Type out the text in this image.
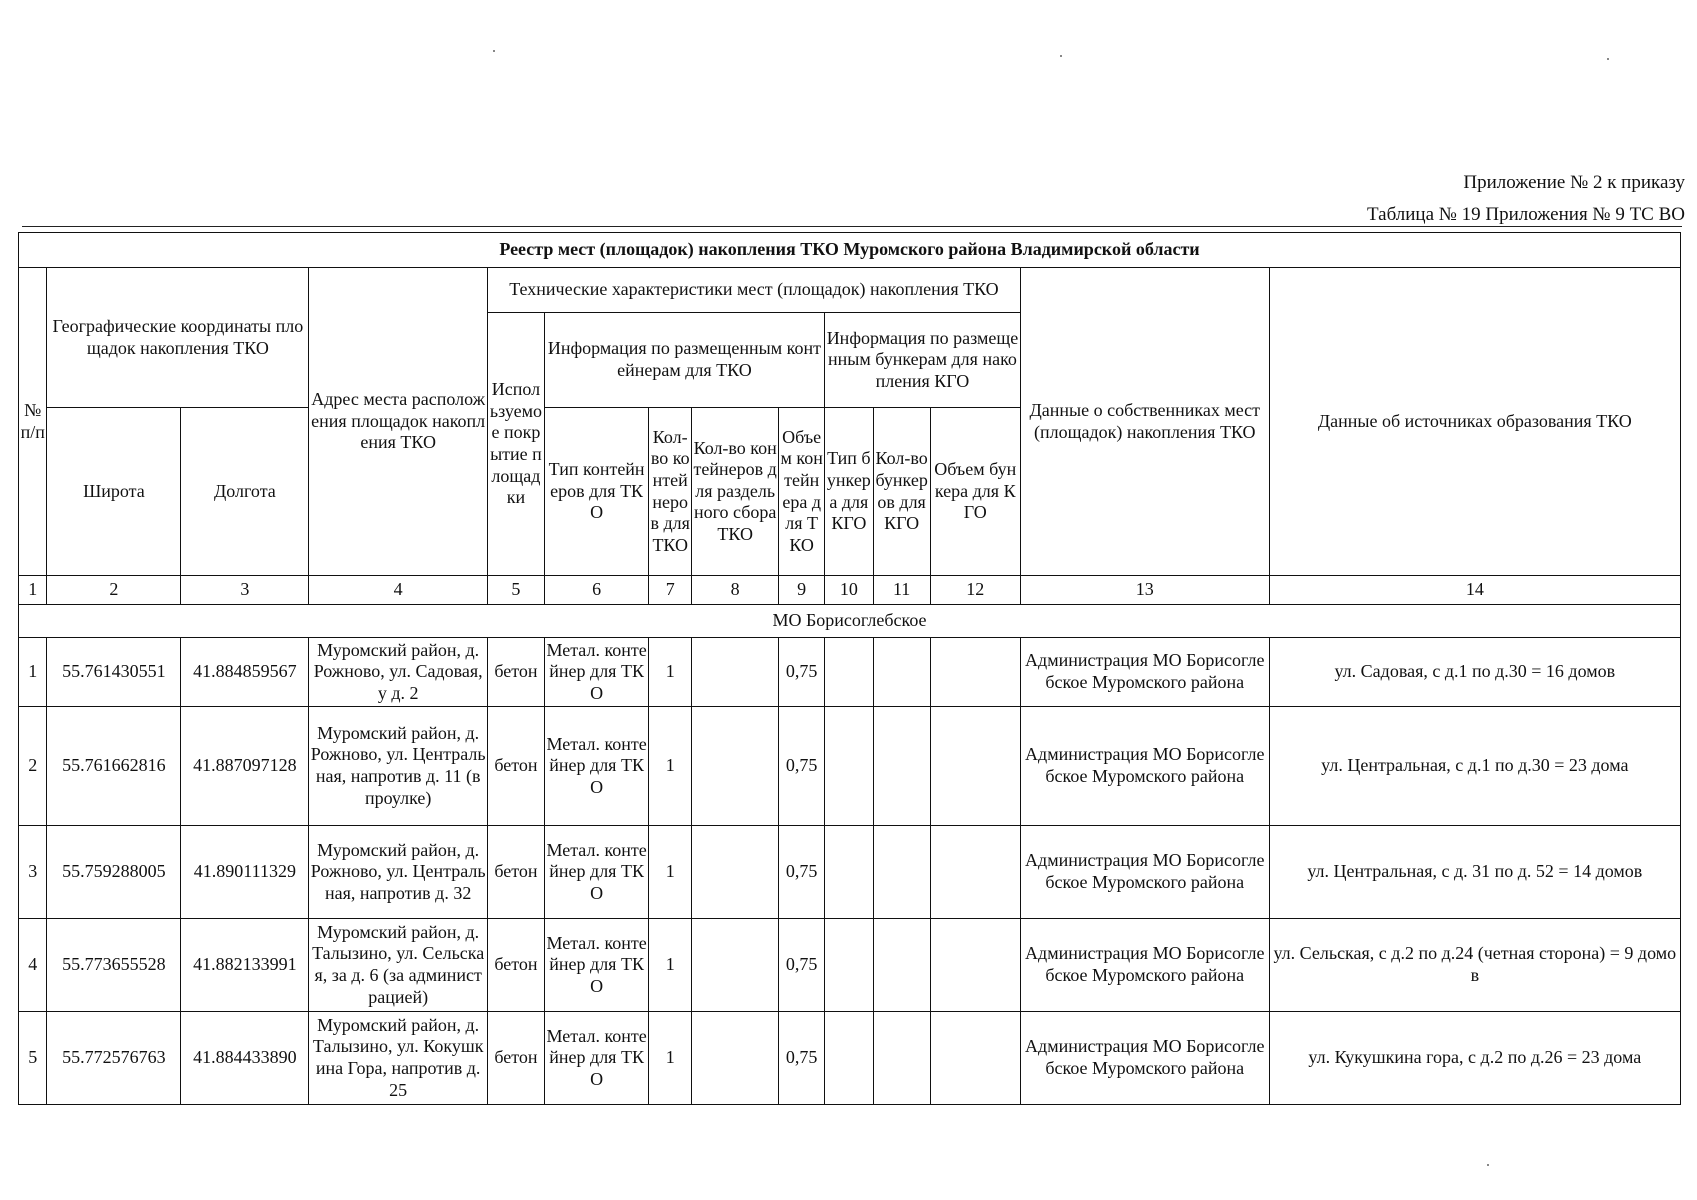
Приложение № 2 к приказу
Таблица № 19 Приложения № 9 ТС ВО
Реестр мест (площадок) накопления ТКО Муромского района Владимирской области													
№ п/п	Географические координаты площадок накопления ТКО		Адрес места расположения площадок накопления ТКО	Технические характеристики мест (площадок) накопления ТКО								Данные о собственниках мест (площадок) накопления ТКО	Данные об источниках образования ТКО
				Используемое покрытие площадки	Информация по размещенным контейнерам для ТКО				Информация по размещенным бункерам для накопления КГО				
	Широта	Долгота			Тип контейнеров для ТКО	Кол-во контейнеров для ТКО	Кол-во контейнеров для раздельного сбора ТКО	Объем контейнера для ТКО	Тип бункера для КГО	Кол-во бункеров для КГО	Объем бункера для КГО		
1	2	3	4	5	6	7	8	9	10	11	12	13	14
МО Борисоглебское													
1	55.761430551	41.884859567	Муромский район, д. Рожново, ул. Садовая, у д. 2	бетон	Метал. контейнер для ТКО	1		0,75				Администрация МО Борисоглебское Муромского района	ул. Садовая, с д.1 по д.30 = 16 домов
2	55.761662816	41.887097128	Муромский район, д. Рожново, ул. Центральная, напротив д. 11 (в проулке)	бетон	Метал. контейнер для ТКО	1		0,75				Администрация МО Борисоглебское Муромского района	ул. Центральная, с д.1 по д.30 = 23 дома
3	55.759288005	41.890111329	Муромский район, д. Рожново, ул. Центральная, напротив д. 32	бетон	Метал. контейнер для ТКО	1		0,75				Администрация МО Борисоглебское Муромского района	ул. Центральная, с д. 31 по д. 52 = 14 домов
4	55.773655528	41.882133991	Муромский район, д. Талызино, ул. Сельская, за д. 6 (за администрацией)	бетон	Метал. контейнер для ТКО	1		0,75				Администрация МО Борисоглебское Муромского района	ул. Сельская, с д.2 по д.24 (четная сторона) = 9 домов
5	55.772576763	41.884433890	Муромский район, д. Талызино, ул. Кокушкина Гора, напротив д. 25	бетон	Метал. контейнер для ТКО	1		0,75				Администрация МО Борисоглебское Муромского района	ул. Кукушкина гора, с д.2 по д.26 = 23 дома
